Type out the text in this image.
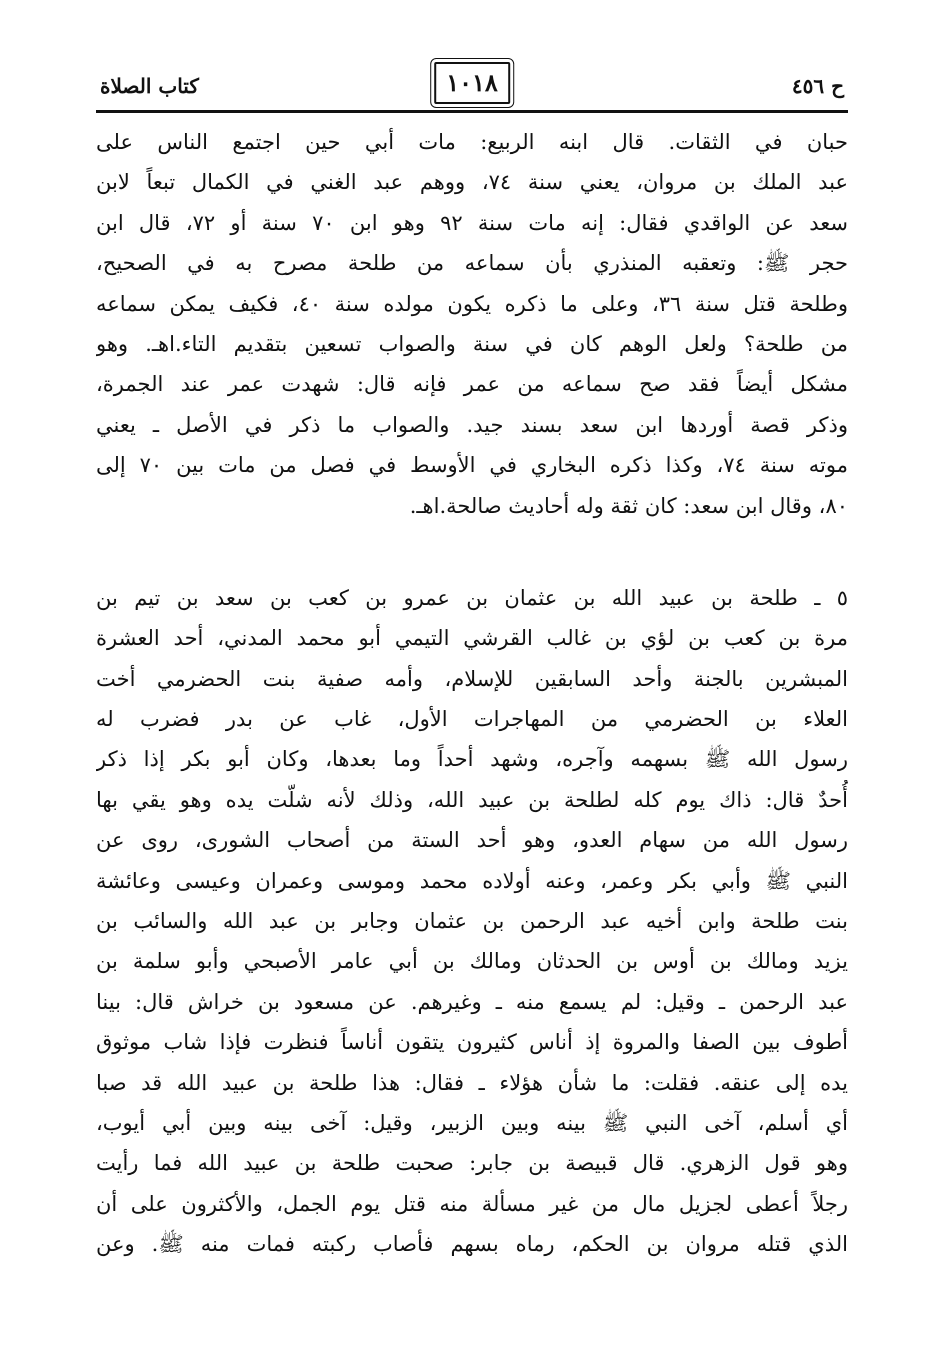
كتاب الصلاة	١٠١٨	ح ٤٥٦
حبان في الثقات. قال ابنه الربيع: مات أبي حين اجتمع الناس على
عبد الملك بن مروان، يعني سنة ٧٤، ووهم عبد الغني في الكمال تبعاً لابن
سعد عن الواقدي فقال: إنه مات سنة ٩٢ وهو ابن ٧٠ سنة أو ٧٢، قال ابن
حجر ﷺ: وتعقبه المنذري بأن سماعه من طلحة مصرح به في الصحيح،
وطلحة قتل سنة ٣٦، وعلى ما ذكره يكون مولده سنة ٤٠، فكيف يمكن سماعه
من طلحة؟ ولعل الوهم كان في سنة والصواب تسعين بتقديم التاء.اهـ. وهو
مشكل أيضاً فقد صح سماعه من عمر فإنه قال: شهدت عمر عند الجمرة،
وذكر قصة أوردها ابن سعد بسند جيد. والصواب ما ذكر في الأصل ـ يعني
موته سنة ٧٤، وكذا ذكره البخاري في الأوسط في فصل من مات بين ٧٠ إلى
٨٠، وقال ابن سعد: كان ثقة وله أحاديث صالحة.اهـ.
٥ ـ طلحة بن عبيد الله بن عثمان بن عمرو بن كعب بن سعد بن تيم بن
مرة بن كعب بن لؤي بن غالب القرشي التيمي أبو محمد المدني، أحد العشرة
المبشرين بالجنة وأحد السابقين للإسلام، وأمه صفية بنت الحضرمي أخت
العلاء بن الحضرمي من المهاجرات الأول، غاب عن بدر فضرب له
رسول الله ﷺ بسهمه وآجره، وشهد أحداً وما بعدها، وكان أبو بكر إذا ذكر
أُحدٌ قال: ذاك يوم كله لطلحة بن عبيد الله، وذلك لأنه شلّت يده وهو يقي بها
رسول الله من سهام العدو، وهو أحد الستة من أصحاب الشورى، روى عن
النبي ﷺ وأبي بكر وعمر، وعنه أولاده محمد وموسى وعمران وعيسى وعائشة
بنت طلحة وابن أخيه عبد الرحمن بن عثمان وجابر بن عبد الله والسائب بن
يزيد ومالك بن أوس بن الحدثان ومالك بن أبي عامر الأصبحي وأبو سلمة بن
عبد الرحمن ـ وقيل: لم يسمع منه ـ وغيرهم. عن مسعود بن خراش قال: بينا
أطوف بين الصفا والمروة إذ أناس كثيرون يتقون أناساً فنظرت فإذا شاب موثوق
يده إلى عنقه. فقلت: ما شأن هؤلاء ـ فقال: هذا طلحة بن عبيد الله قد صبا
أي أسلم، آخى النبي ﷺ بينه وبين الزبير، وقيل: آخى بينه وبين أبي أيوب،
وهو قول الزهري. قال قبيصة بن جابر: صحبت طلحة بن عبيد الله فما رأيت
رجلاً أعطى لجزيل مال من غير مسألة منه قتل يوم الجمل، والأكثرون على أن
الذي قتله مروان بن الحكم، رماه بسهم فأصاب ركبته فمات منه ﷺ. وعن
